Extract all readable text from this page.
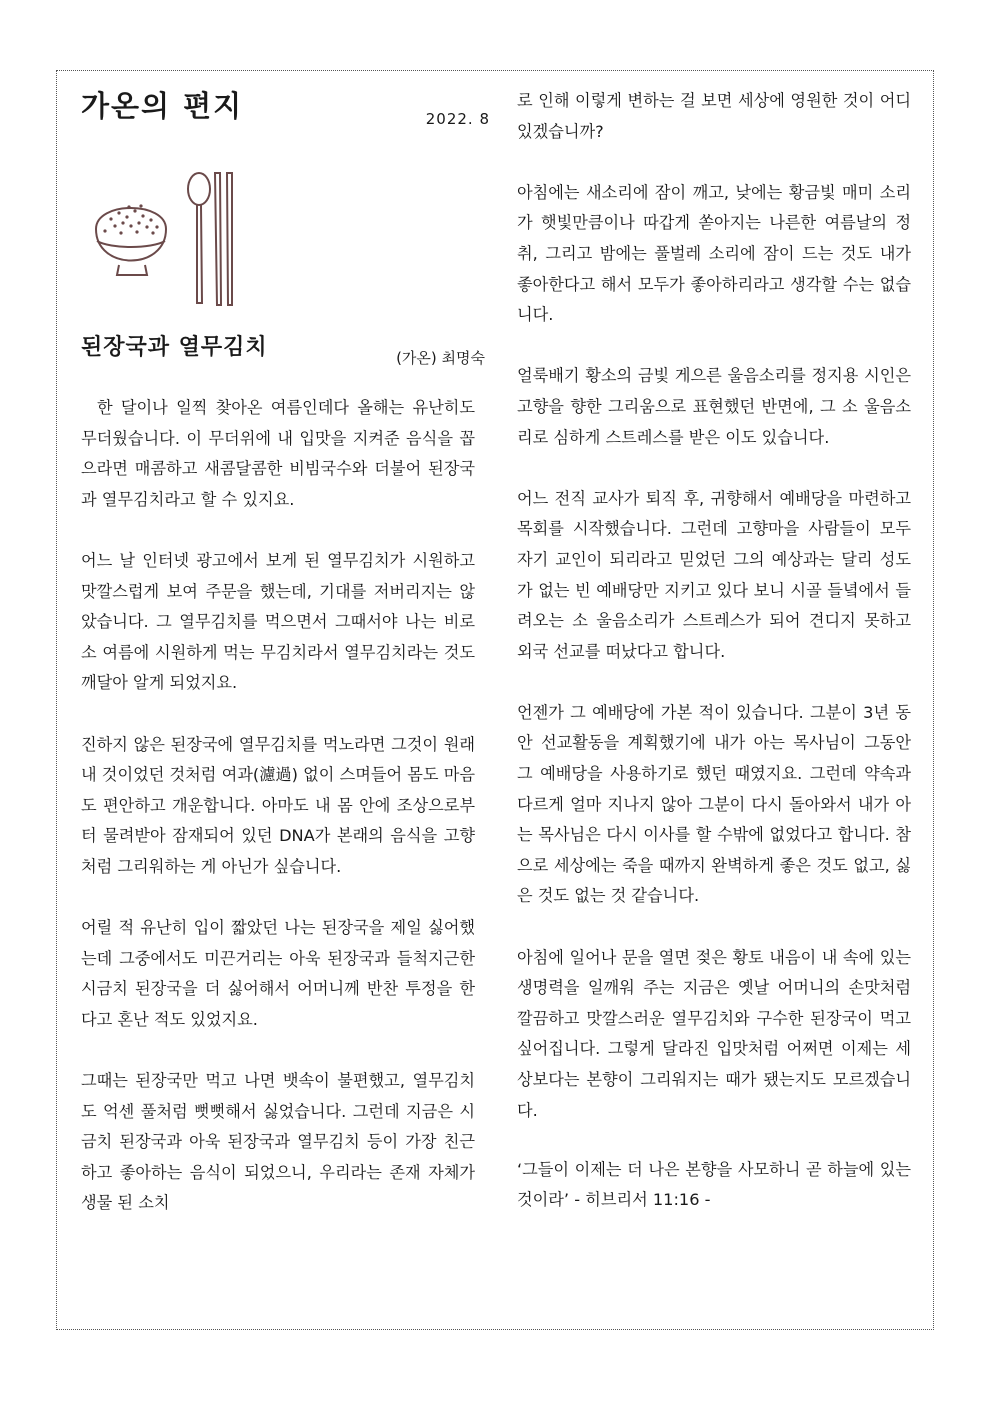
가온의 편지	2022. 8
된장국과 열무김치	(가온) 최명숙

한 달이나 일찍 찾아온 여름인데다 올해는 유난히도 무더웠습니다. 이 무더위에 내 입맛을 지켜준 음식을 꼽으라면 매콤하고 새콤달콤한 비빔국수와 더불어 된장국과 열무김치라고 할 수 있지요.

어느 날 인터넷 광고에서 보게 된 열무김치가 시원하고 맛깔스럽게 보여 주문을 했는데, 기대를 저버리지는 않았습니다. 그 열무김치를 먹으면서 그때서야 나는 비로소 여름에 시원하게 먹는 무김치라서 열무김치라는 것도 깨달아 알게 되었지요.

진하지 않은 된장국에 열무김치를 먹노라면 그것이 원래 내 것이었던 것처럼 여과(濾過) 없이 스며들어 몸도 마음도 편안하고 개운합니다. 아마도 내 몸 안에 조상으로부터 물려받아 잠재되어 있던 DNA가 본래의 음식을 고향처럼 그리워하는 게 아닌가 싶습니다.

어릴 적 유난히 입이 짧았던 나는 된장국을 제일 싫어했는데 그중에서도 미끈거리는 아욱 된장국과 들척지근한 시금치 된장국을 더 싫어해서 어머니께 반찬 투정을 한다고 혼난 적도 있었지요.

그때는 된장국만 먹고 나면 뱃속이 불편했고, 열무김치도 억센 풀처럼 뻣뻣해서 싫었습니다. 그런데 지금은 시금치 된장국과 아욱 된장국과 열무김치 등이 가장 친근하고 좋아하는 음식이 되었으니, 우리라는 존재 자체가 생물 된 소치

로 인해 이렇게 변하는 걸 보면 세상에 영원한 것이 어디 있겠습니까?

아침에는 새소리에 잠이 깨고, 낮에는 황금빛 매미 소리가 햇빛만큼이나 따갑게 쏟아지는 나른한 여름날의 정취, 그리고 밤에는 풀벌레 소리에 잠이 드는 것도 내가 좋아한다고 해서 모두가 좋아하리라고 생각할 수는 없습니다.

얼룩배기 황소의 금빛 게으른 울음소리를 정지용 시인은 고향을 향한 그리움으로 표현했던 반면에, 그 소 울음소리로 심하게 스트레스를 받은 이도 있습니다.

어느 전직 교사가 퇴직 후, 귀향해서 예배당을 마련하고 목회를 시작했습니다. 그런데 고향마을 사람들이 모두 자기 교인이 되리라고 믿었던 그의 예상과는 달리 성도가 없는 빈 예배당만 지키고 있다 보니 시골 들녘에서 들려오는 소 울음소리가 스트레스가 되어 견디지 못하고 외국 선교를 떠났다고 합니다.

언젠가 그 예배당에 가본 적이 있습니다. 그분이 3년 동안 선교활동을 계획했기에 내가 아는 목사님이 그동안 그 예배당을 사용하기로 했던 때였지요. 그런데 약속과 다르게 얼마 지나지 않아 그분이 다시 돌아와서 내가 아는 목사님은 다시 이사를 할 수밖에 없었다고 합니다. 참으로 세상에는 죽을 때까지 완벽하게 좋은 것도 없고, 싫은 것도 없는 것 같습니다.

아침에 일어나 문을 열면 젖은 황토 내음이 내 속에 있는 생명력을 일깨워 주는 지금은 옛날 어머니의 손맛처럼 깔끔하고 맛깔스러운 열무김치와 구수한 된장국이 먹고 싶어집니다. 그렇게 달라진 입맛처럼 어쩌면 이제는 세상보다는 본향이 그리워지는 때가 됐는지도 모르겠습니다.

‘그들이 이제는 더 나은 본향을 사모하니 곧 하늘에 있는 것이라’ - 히브리서 11:16 -
